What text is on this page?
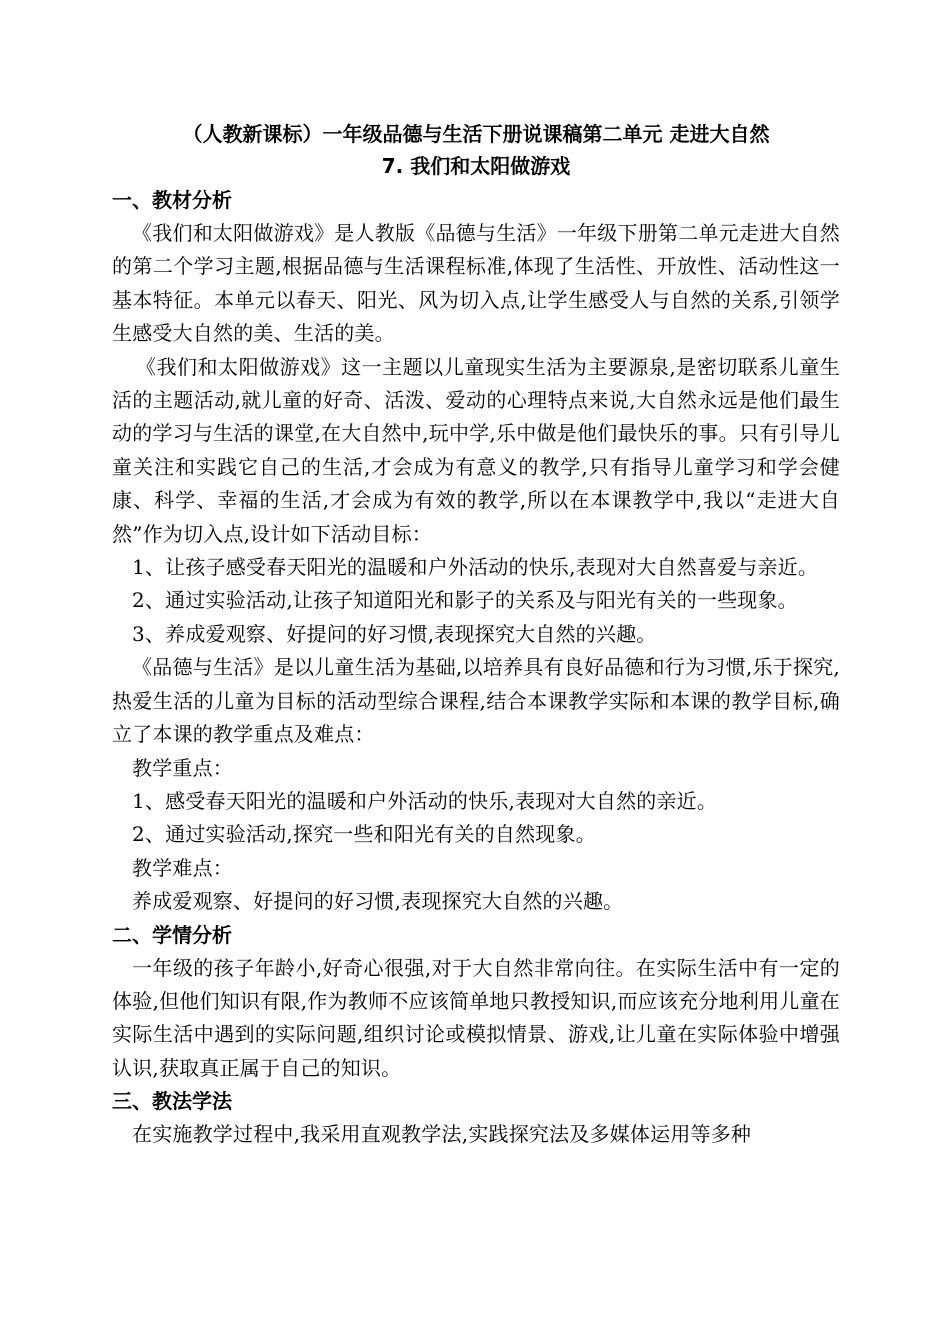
（人教新课标）一年级品德与生活下册说课稿第二单元 走进大自然

7. 我们和太阳做游戏

一、教材分析

《我们和太阳做游戏》是人教版《品德与生活》一年级下册第二单元走进大自然的第二个学习主题,根据品德与生活课程标准,体现了生活性、开放性、活动性这一基本特征。本单元以春天、阳光、风为切入点,让学生感受人与自然的关系,引领学生感受大自然的美、生活的美。

《我们和太阳做游戏》这一主题以儿童现实生活为主要源泉,是密切联系儿童生活的主题活动,就儿童的好奇、活泼、爱动的心理特点来说,大自然永远是他们最生动的学习与生活的课堂,在大自然中,玩中学,乐中做是他们最快乐的事。只有引导儿童关注和实践它自己的生活,才会成为有意义的教学,只有指导儿童学习和学会健康、科学、幸福的生活,才会成为有效的教学,所以在本课教学中,我以“走进大自然”作为切入点,设计如下活动目标：

1、让孩子感受春天阳光的温暖和户外活动的快乐,表现对大自然喜爱与亲近。

2、通过实验活动,让孩子知道阳光和影子的关系及与阳光有关的一些现象。

3、养成爱观察、好提问的好习惯,表现探究大自然的兴趣。

《品德与生活》是以儿童生活为基础,以培养具有良好品德和行为习惯,乐于探究,热爱生活的儿童为目标的活动型综合课程,结合本课教学实际和本课的教学目标,确立了本课的教学重点及难点：

教学重点：

1、感受春天阳光的温暖和户外活动的快乐,表现对大自然的亲近。

2、通过实验活动,探究一些和阳光有关的自然现象。

教学难点：

养成爱观察、好提问的好习惯,表现探究大自然的兴趣。

二、学情分析

一年级的孩子年龄小,好奇心很强,对于大自然非常向往。在实际生活中有一定的体验,但他们知识有限,作为教师不应该简单地只教授知识,而应该充分地利用儿童在实际生活中遇到的实际问题,组织讨论或模拟情景、游戏,让儿童在实际体验中增强认识,获取真正属于自己的知识。

三、教法学法

在实施教学过程中,我采用直观教学法,实践探究法及多媒体运用等多种
